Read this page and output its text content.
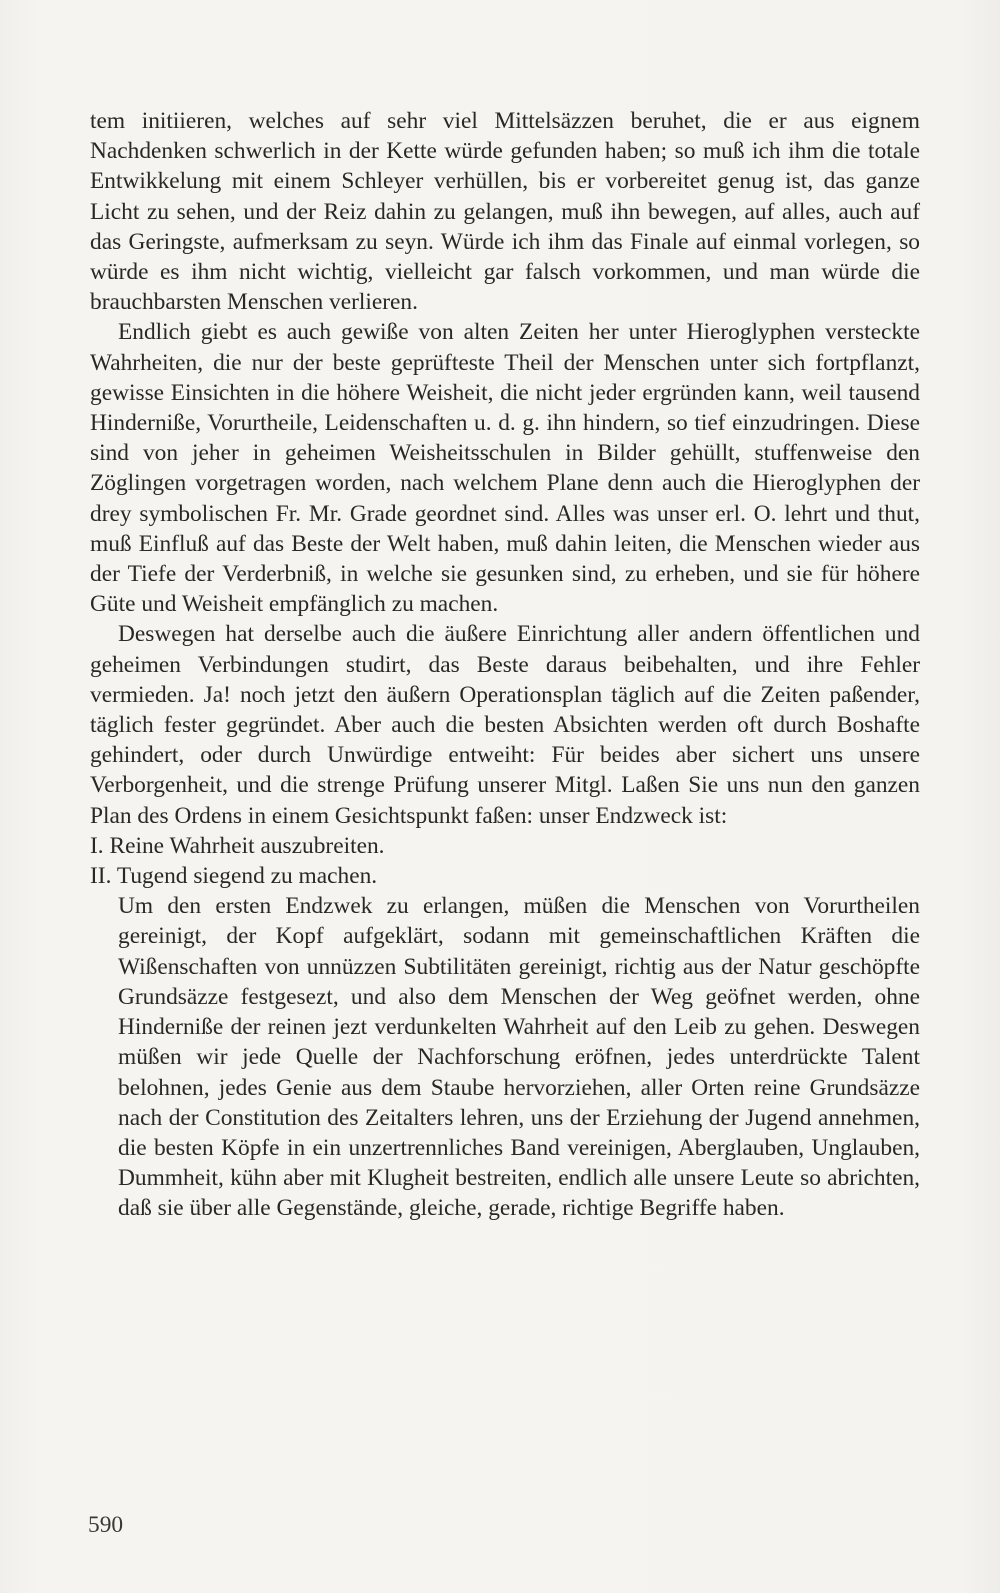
tem initiieren, welches auf sehr viel Mittelsäzzen beruhet, die er aus eignem Nachdenken schwerlich in der Kette würde gefunden haben; so muß ich ihm die totale Entwikkelung mit einem Schleyer verhüllen, bis er vorbereitet genug ist, das ganze Licht zu sehen, und der Reiz dahin zu gelangen, muß ihn bewegen, auf alles, auch auf das Geringste, aufmerksam zu seyn. Würde ich ihm das Finale auf einmal vorlegen, so würde es ihm nicht wichtig, vielleicht gar falsch vorkommen, und man würde die brauchbarsten Menschen verlieren.

Endlich giebt es auch gewiße von alten Zeiten her unter Hieroglyphen versteckte Wahrheiten, die nur der beste geprüfteste Theil der Menschen unter sich fortpflanzt, gewisse Einsichten in die höhere Weisheit, die nicht jeder ergründen kann, weil tausend Hinderniße, Vorurtheile, Leidenschaften u. d. g. ihn hindern, so tief einzudringen. Diese sind von jeher in geheimen Weisheitsschulen in Bilder gehüllt, stuffenweise den Zöglingen vorgetragen worden, nach welchem Plane denn auch die Hieroglyphen der drey symbolischen Fr. Mr. Grade geordnet sind. Alles was unser erl. O. lehrt und thut, muß Einfluß auf das Beste der Welt haben, muß dahin leiten, die Menschen wieder aus der Tiefe der Verderbniß, in welche sie gesunken sind, zu erheben, und sie für höhere Güte und Weisheit empfänglich zu machen.

Deswegen hat derselbe auch die äußere Einrichtung aller andern öffentlichen und geheimen Verbindungen studirt, das Beste daraus beibehalten, und ihre Fehler vermieden. Ja! noch jetzt den äußern Operationsplan täglich auf die Zeiten paßender, täglich fester gegründet. Aber auch die besten Absichten werden oft durch Boshafte gehindert, oder durch Unwürdige entweiht: Für beides aber sichert uns unsere Verborgenheit, und die strenge Prüfung unserer Mitgl. Laßen Sie uns nun den ganzen Plan des Ordens in einem Gesichtspunkt faßen: unser Endzweck ist:

I. Reine Wahrheit auszubreiten.

II. Tugend siegend zu machen.

Um den ersten Endzwek zu erlangen, müßen die Menschen von Vorurtheilen gereinigt, der Kopf aufgeklärt, sodann mit gemeinschaftlichen Kräften die Wißenschaften von unnüzzen Subtilitäten gereinigt, richtig aus der Natur geschöpfte Grundsäzze festgesezt, und also dem Menschen der Weg geöfnet werden, ohne Hinderniße der reinen jezt verdunkelten Wahrheit auf den Leib zu gehen. Deswegen müßen wir jede Quelle der Nachforschung eröfnen, jedes unterdrückte Talent belohnen, jedes Genie aus dem Staube hervorziehen, aller Orten reine Grundsäzze nach der Constitution des Zeitalters lehren, uns der Erziehung der Jugend annehmen, die besten Köpfe in ein unzertrennliches Band vereinigen, Aberglauben, Unglauben, Dummheit, kühn aber mit Klugheit bestreiten, endlich alle unsere Leute so abrichten, daß sie über alle Gegenstände, gleiche, gerade, richtige Begriffe haben.

590
